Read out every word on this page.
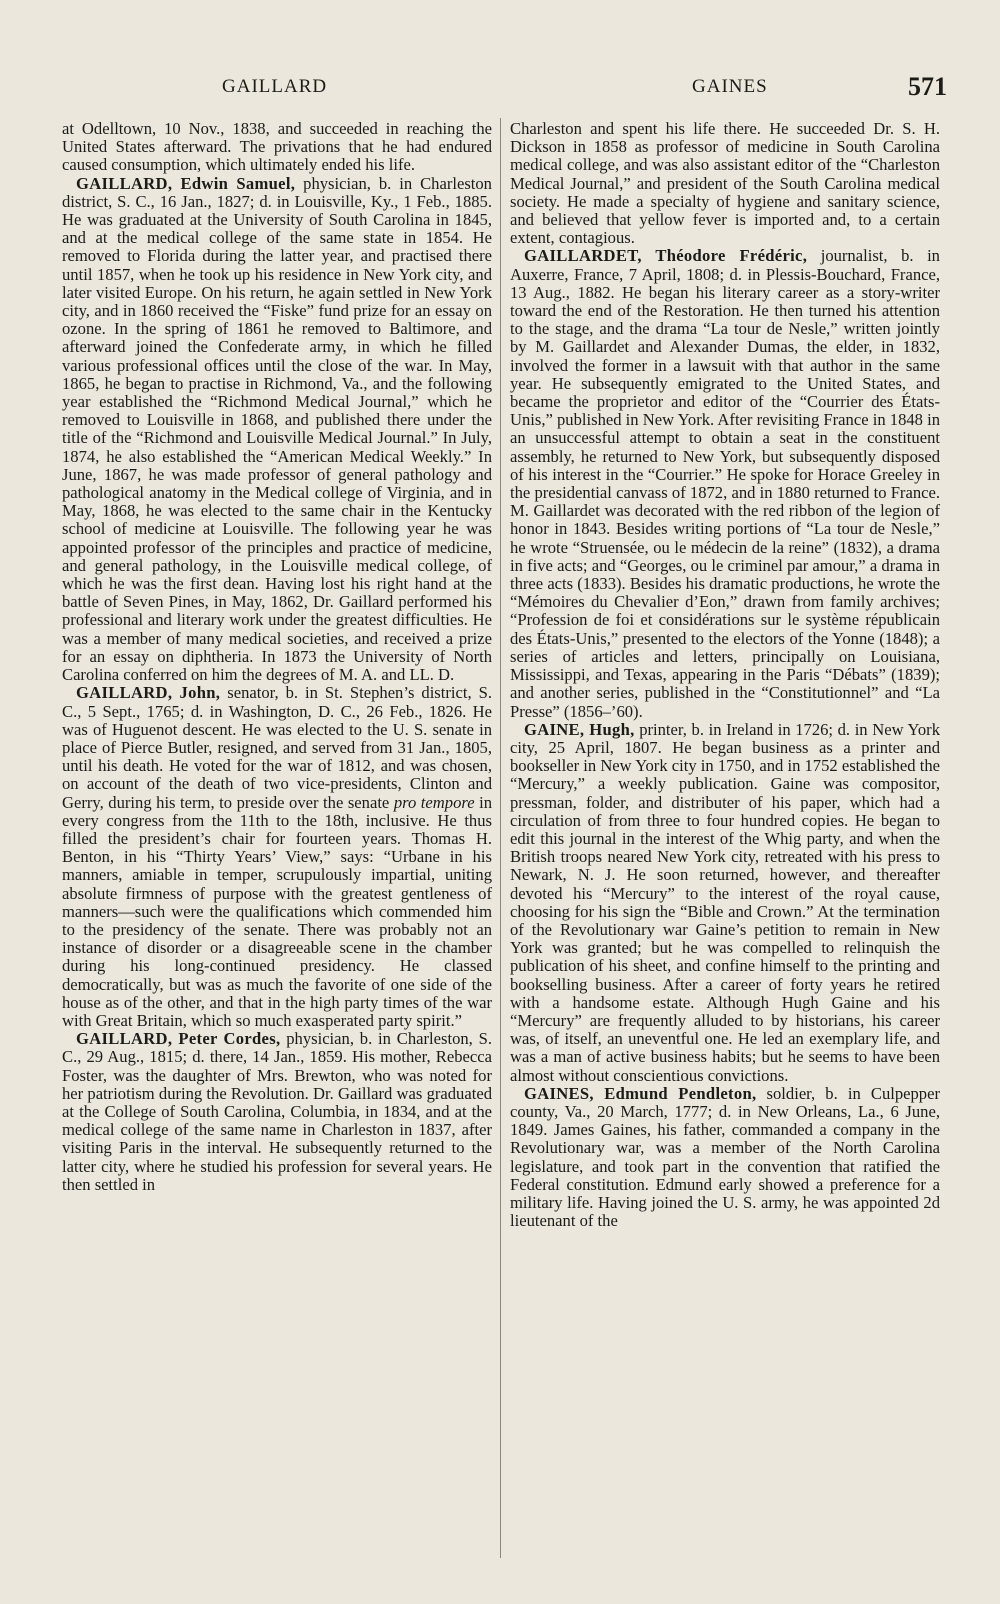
GAILLARD	GAINES	571

at Odelltown, 10 Nov., 1838, and succeeded in reaching the United States afterward. The privations that he had endured caused consumption, which ultimately ended his life.

GAILLARD, Edwin Samuel, physician, b. in Charleston district, S. C., 16 Jan., 1827; d. in Louisville, Ky., 1 Feb., 1885. He was graduated at the University of South Carolina in 1845, and at the medical college of the same state in 1854. He removed to Florida during the latter year, and practised there until 1857, when he took up his residence in New York city, and later visited Europe. On his return, he again settled in New York city, and in 1860 received the “Fiske” fund prize for an essay on ozone. In the spring of 1861 he removed to Baltimore, and afterward joined the Confederate army, in which he filled various professional offices until the close of the war. In May, 1865, he began to practise in Richmond, Va., and the following year established the “Richmond Medical Journal,” which he removed to Louisville in 1868, and published there under the title of the “Richmond and Louisville Medical Journal.” In July, 1874, he also established the “American Medical Weekly.” In June, 1867, he was made professor of general pathology and pathological anatomy in the Medical college of Virginia, and in May, 1868, he was elected to the same chair in the Kentucky school of medicine at Louisville. The following year he was appointed professor of the principles and practice of medicine, and general pathology, in the Louisville medical college, of which he was the first dean. Having lost his right hand at the battle of Seven Pines, in May, 1862, Dr. Gaillard performed his professional and literary work under the greatest difficulties. He was a member of many medical societies, and received a prize for an essay on diphtheria. In 1873 the University of North Carolina conferred on him the degrees of M. A. and LL. D.

GAILLARD, John, senator, b. in St. Stephen’s district, S. C., 5 Sept., 1765; d. in Washington, D. C., 26 Feb., 1826. He was of Huguenot descent. He was elected to the U. S. senate in place of Pierce Butler, resigned, and served from 31 Jan., 1805, until his death. He voted for the war of 1812, and was chosen, on account of the death of two vice-presidents, Clinton and Gerry, during his term, to preside over the senate pro tempore in every congress from the 11th to the 18th, inclusive. He thus filled the president’s chair for fourteen years. Thomas H. Benton, in his “Thirty Years’ View,” says: “Urbane in his manners, amiable in temper, scrupulously impartial, uniting absolute firmness of purpose with the greatest gentleness of manners—such were the qualifications which commended him to the presidency of the senate. There was probably not an instance of disorder or a disagreeable scene in the chamber during his long-continued presidency. He classed democratically, but was as much the favorite of one side of the house as of the other, and that in the high party times of the war with Great Britain, which so much exasperated party spirit.”

GAILLARD, Peter Cordes, physician, b. in Charleston, S. C., 29 Aug., 1815; d. there, 14 Jan., 1859. His mother, Rebecca Foster, was the daughter of Mrs. Brewton, who was noted for her patriotism during the Revolution. Dr. Gaillard was graduated at the College of South Carolina, Columbia, in 1834, and at the medical college of the same name in Charleston in 1837, after visiting Paris in the interval. He subsequently returned to the latter city, where he studied his profession for several years. He then settled in

Charleston and spent his life there. He succeeded Dr. S. H. Dickson in 1858 as professor of medicine in South Carolina medical college, and was also assistant editor of the “Charleston Medical Journal,” and president of the South Carolina medical society. He made a specialty of hygiene and sanitary science, and believed that yellow fever is imported and, to a certain extent, contagious.

GAILLARDET, Théodore Frédéric, journalist, b. in Auxerre, France, 7 April, 1808; d. in Plessis-Bouchard, France, 13 Aug., 1882. He began his literary career as a story-writer toward the end of the Restoration. He then turned his attention to the stage, and the drama “La tour de Nesle,” written jointly by M. Gaillardet and Alexander Dumas, the elder, in 1832, involved the former in a lawsuit with that author in the same year. He subsequently emigrated to the United States, and became the proprietor and editor of the “Courrier des États-Unis,” published in New York. After revisiting France in 1848 in an unsuccessful attempt to obtain a seat in the constituent assembly, he returned to New York, but subsequently disposed of his interest in the “Courrier.” He spoke for Horace Greeley in the presidential canvass of 1872, and in 1880 returned to France. M. Gaillardet was decorated with the red ribbon of the legion of honor in 1843. Besides writing portions of “La tour de Nesle,” he wrote “Struensée, ou le médecin de la reine” (1832), a drama in five acts; and “Georges, ou le criminel par amour,” a drama in three acts (1833). Besides his dramatic productions, he wrote the “Mémoires du Chevalier d’Eon,” drawn from family archives; “Profession de foi et considérations sur le système républicain des États-Unis,” presented to the electors of the Yonne (1848); a series of articles and letters, principally on Louisiana, Mississippi, and Texas, appearing in the Paris “Débats” (1839); and another series, published in the “Constitutionnel” and “La Presse” (1856–’60).

GAINE, Hugh, printer, b. in Ireland in 1726; d. in New York city, 25 April, 1807. He began business as a printer and bookseller in New York city in 1750, and in 1752 established the “Mercury,” a weekly publication. Gaine was compositor, pressman, folder, and distributer of his paper, which had a circulation of from three to four hundred copies. He began to edit this journal in the interest of the Whig party, and when the British troops neared New York city, retreated with his press to Newark, N. J. He soon returned, however, and thereafter devoted his “Mercury” to the interest of the royal cause, choosing for his sign the “Bible and Crown.” At the termination of the Revolutionary war Gaine’s petition to remain in New York was granted; but he was compelled to relinquish the publication of his sheet, and confine himself to the printing and bookselling business. After a career of forty years he retired with a handsome estate. Although Hugh Gaine and his “Mercury” are frequently alluded to by historians, his career was, of itself, an uneventful one. He led an exemplary life, and was a man of active business habits; but he seems to have been almost without conscientious convictions.

GAINES, Edmund Pendleton, soldier, b. in Culpepper county, Va., 20 March, 1777; d. in New Orleans, La., 6 June, 1849. James Gaines, his father, commanded a company in the Revolutionary war, was a member of the North Carolina legislature, and took part in the convention that ratified the Federal constitution. Edmund early showed a preference for a military life. Having joined the U. S. army, he was appointed 2d lieutenant of the
